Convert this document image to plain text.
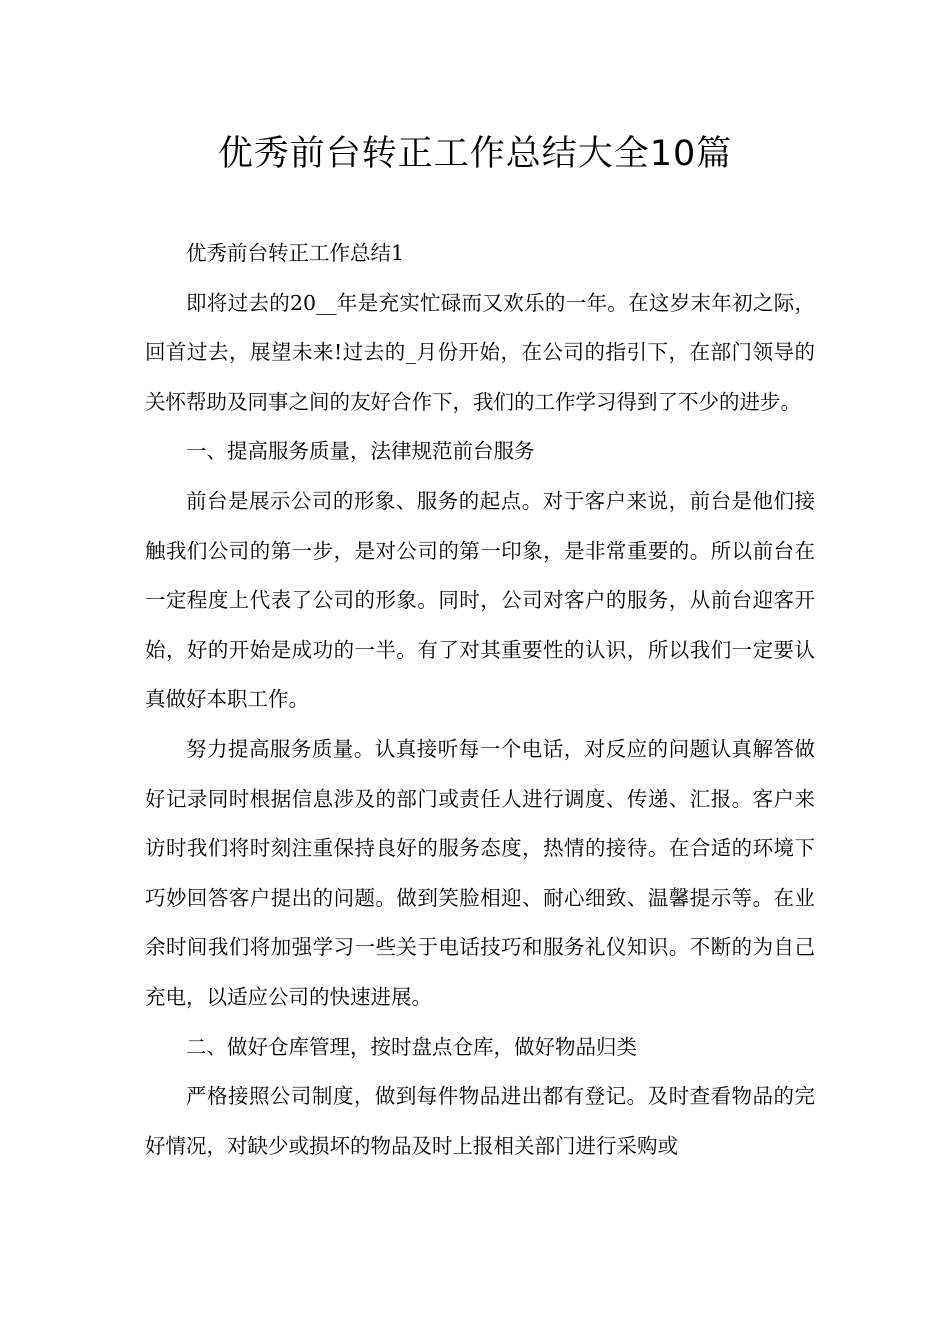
优秀前台转正工作总结大全10篇

优秀前台转正工作总结1

即将过去的20__年是充实忙碌而又欢乐的一年。在这岁末年初之际，回首过去，展望未来!过去的_月份开始，在公司的指引下，在部门领导的关怀帮助及同事之间的友好合作下，我们的工作学习得到了不少的进步。

一、提高服务质量，法律规范前台服务

前台是展示公司的形象、服务的起点。对于客户来说，前台是他们接触我们公司的第一步，是对公司的第一印象，是非常重要的。所以前台在一定程度上代表了公司的形象。同时，公司对客户的服务，从前台迎客开始，好的开始是成功的一半。有了对其重要性的认识，所以我们一定要认真做好本职工作。

努力提高服务质量。认真接听每一个电话，对反应的问题认真解答做好记录同时根据信息涉及的部门或责任人进行调度、传递、汇报。客户来访时我们将时刻注重保持良好的服务态度，热情的接待。在合适的环境下巧妙回答客户提出的问题。做到笑脸相迎、耐心细致、温馨提示等。在业余时间我们将加强学习一些关于电话技巧和服务礼仪知识。不断的为自己充电，以适应公司的快速进展。

二、做好仓库管理，按时盘点仓库，做好物品归类

严格接照公司制度，做到每件物品进出都有登记。及时查看物品的完好情况，对缺少或损坏的物品及时上报相关部门进行采购或
